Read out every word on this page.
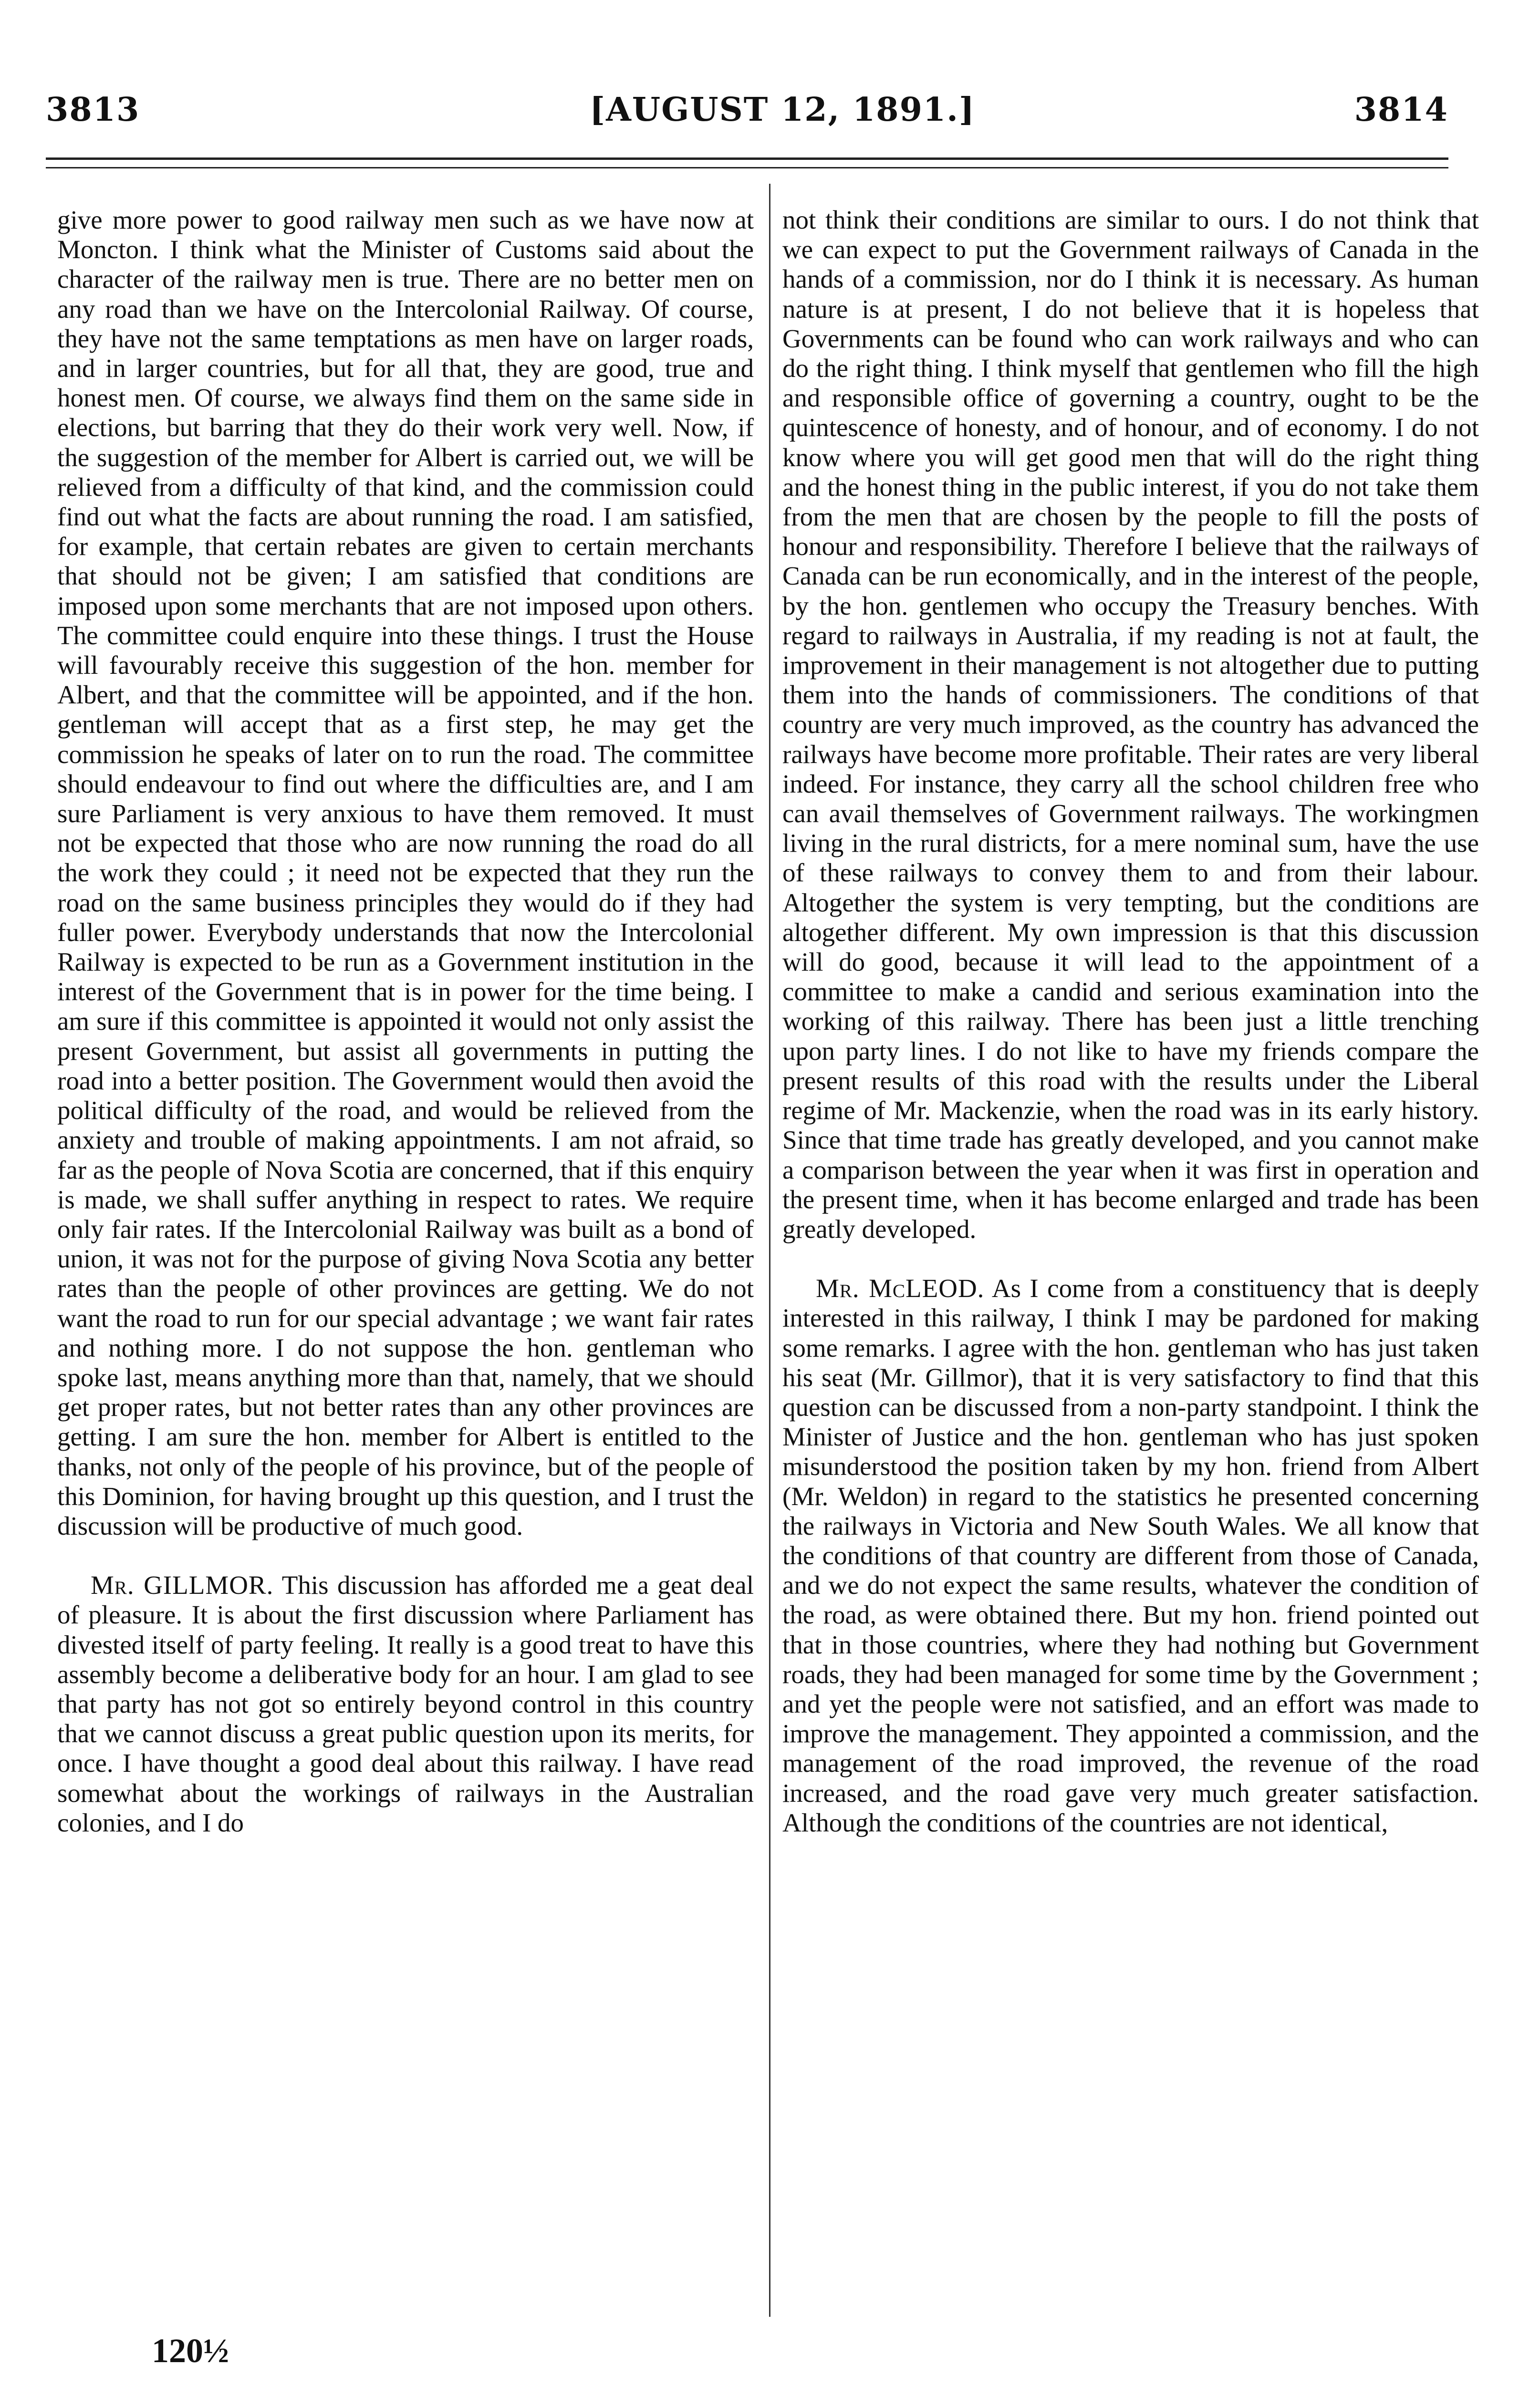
3813	[AUGUST 12, 1891.]	3814

give more power to good railway men such as we have now at Moncton. I think what the Minister of Customs said about the character of the railway men is true. There are no better men on any road than we have on the Intercolonial Railway. Of course, they have not the same temptations as men have on larger roads, and in larger countries, but for all that, they are good, true and honest men. Of course, we always find them on the same side in elections, but barring that they do their work very well. Now, if the suggestion of the member for Albert is carried out, we will be relieved from a difficulty of that kind, and the commission could find out what the facts are about running the road. I am satisfied, for example, that certain rebates are given to certain merchants that should not be given; I am satisfied that conditions are imposed upon some merchants that are not imposed upon others. The committee could enquire into these things. I trust the House will favourably receive this suggestion of the hon. member for Albert, and that the committee will be appointed, and if the hon. gentleman will accept that as a first step, he may get the commission he speaks of later on to run the road. The committee should endeavour to find out where the difficulties are, and I am sure Parliament is very anxious to have them removed. It must not be expected that those who are now running the road do all the work they could ; it need not be expected that they run the road on the same business principles they would do if they had fuller power. Everybody understands that now the Intercolonial Railway is expected to be run as a Government institution in the interest of the Government that is in power for the time being. I am sure if this committee is appointed it would not only assist the present Government, but assist all governments in putting the road into a better position. The Government would then avoid the political difficulty of the road, and would be relieved from the anxiety and trouble of making appointments. I am not afraid, so far as the people of Nova Scotia are concerned, that if this enquiry is made, we shall suffer anything in respect to rates. We require only fair rates. If the Intercolonial Railway was built as a bond of union, it was not for the purpose of giving Nova Scotia any better rates than the people of other provinces are getting. We do not want the road to run for our special advantage ; we want fair rates and nothing more. I do not suppose the hon. gentleman who spoke last, means anything more than that, namely, that we should get proper rates, but not better rates than any other provinces are getting. I am sure the hon. member for Albert is entitled to the thanks, not only of the people of his province, but of the people of this Dominion, for having brought up this question, and I trust the discussion will be productive of much good.

Mr. GILLMOR. This discussion has afforded me a geat deal of pleasure. It is about the first discussion where Parliament has divested itself of party feeling. It really is a good treat to have this assembly become a deliberative body for an hour. I am glad to see that party has not got so entirely beyond control in this country that we cannot discuss a great public question upon its merits, for once. I have thought a good deal about this railway. I have read somewhat about the workings of railways in the Australian colonies, and I do

not think their conditions are similar to ours. I do not think that we can expect to put the Government railways of Canada in the hands of a commission, nor do I think it is necessary. As human nature is at present, I do not believe that it is hopeless that Governments can be found who can work railways and who can do the right thing. I think myself that gentlemen who fill the high and responsible office of governing a country, ought to be the quintescence of honesty, and of honour, and of economy. I do not know where you will get good men that will do the right thing and the honest thing in the public interest, if you do not take them from the men that are chosen by the people to fill the posts of honour and responsibility. Therefore I believe that the railways of Canada can be run economically, and in the interest of the people, by the hon. gentlemen who occupy the Treasury benches. With regard to railways in Australia, if my reading is not at fault, the improvement in their management is not altogether due to putting them into the hands of commissioners. The conditions of that country are very much improved, as the country has advanced the railways have become more profitable. Their rates are very liberal indeed. For instance, they carry all the school children free who can avail themselves of Government railways. The workingmen living in the rural districts, for a mere nominal sum, have the use of these railways to convey them to and from their labour. Altogether the system is very tempting, but the conditions are altogether different. My own impression is that this discussion will do good, because it will lead to the appointment of a committee to make a candid and serious examination into the working of this railway. There has been just a little trenching upon party lines. I do not like to have my friends compare the present results of this road with the results under the Liberal regime of Mr. Mackenzie, when the road was in its early history. Since that time trade has greatly developed, and you cannot make a comparison between the year when it was first in operation and the present time, when it has become enlarged and trade has been greatly developed.

Mr. McLEOD. As I come from a constituency that is deeply interested in this railway, I think I may be pardoned for making some remarks. I agree with the hon. gentleman who has just taken his seat (Mr. Gillmor), that it is very satisfactory to find that this question can be discussed from a non-party standpoint. I think the Minister of Justice and the hon. gentleman who has just spoken misunderstood the position taken by my hon. friend from Albert (Mr. Weldon) in regard to the statistics he presented concerning the railways in Victoria and New South Wales. We all know that the conditions of that country are different from those of Canada, and we do not expect the same results, whatever the condition of the road, as were obtained there. But my hon. friend pointed out that in those countries, where they had nothing but Government roads, they had been managed for some time by the Government ; and yet the people were not satisfied, and an effort was made to improve the management. They appointed a commission, and the management of the road improved, the revenue of the road increased, and the road gave very much greater satisfaction. Although the conditions of the countries are not identical,

120½
